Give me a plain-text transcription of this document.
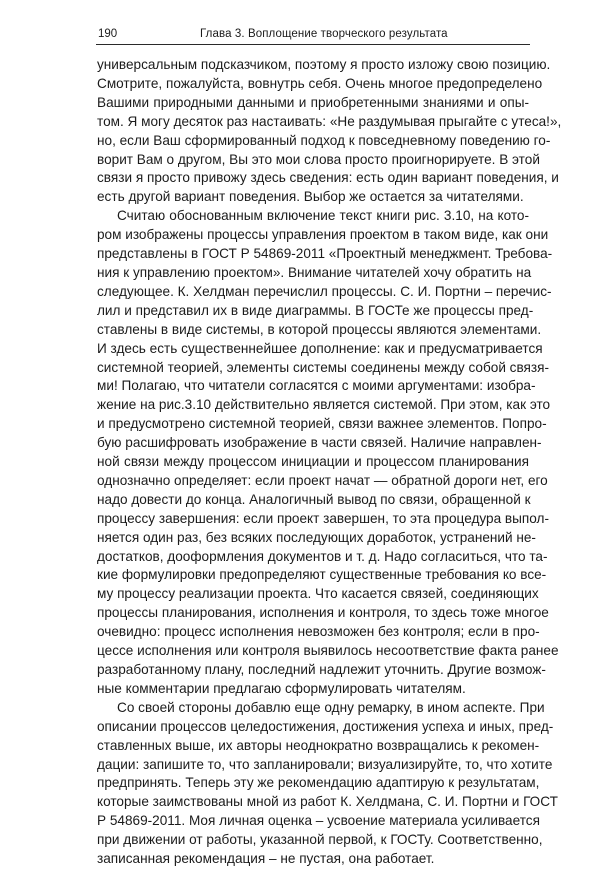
190	Глава 3. Воплощение творческого результата
универсальным подсказчиком, поэтому я просто изложу свою позицию.
Смотрите, пожалуйста, вовнутрь себя. Очень многое предопределено
Вашими природными данными и приобретенными знаниями и опы-
том. Я могу десяток раз настаивать: «Не раздумывая прыгайте с утеса!»,
но, если Ваш сформированный подход к повседневному поведению го-
ворит Вам о другом, Вы это мои слова просто проигнорируете. В этой
связи я просто привожу здесь сведения: есть один вариант поведения, и
есть другой вариант поведения. Выбор же остается за читателями.
Считаю обоснованным включение текст книги рис. 3.10, на кото-
ром изображены процессы управления проектом в таком виде, как они
представлены в ГОСТ Р 54869-2011 «Проектный менеджмент. Требова-
ния к управлению проектом». Внимание читателей хочу обратить на
следующее. К. Хелдман перечислил процессы. С. И. Портни – перечис-
лил и представил их в виде диаграммы. В ГОСТе же процессы пред-
ставлены в виде системы, в которой процессы являются элементами.
И здесь есть существеннейшее дополнение: как и предусматривается
системной теорией, элементы системы соединены между собой связя-
ми! Полагаю, что читатели согласятся с моими аргументами: изобра-
жение на рис.3.10 действительно является системой. При этом, как это
и предусмотрено системной теорией, связи важнее элементов. Попро-
бую расшифровать изображение в части связей. Наличие направлен-
ной связи между процессом инициации и процессом планирования
однозначно определяет: если проект начат — обратной дороги нет, его
надо довести до конца. Аналогичный вывод по связи, обращенной к
процессу завершения: если проект завершен, то эта процедура выпол-
няется один раз, без всяких последующих доработок, устранений не-
достатков, дооформления документов и т. д. Надо согласиться, что та-
кие формулировки предопределяют существенные требования ко все-
му процессу реализации проекта. Что касается связей, соединяющих
процессы планирования, исполнения и контроля, то здесь тоже многое
очевидно: процесс исполнения невозможен без контроля; если в про-
цессе исполнения или контроля выявилось несоответствие факта ранее
разработанному плану, последний надлежит уточнить. Другие возмож-
ные комментарии предлагаю сформулировать читателям.
Со своей стороны добавлю еще одну ремарку, в ином аспекте. При
описании процессов целедостижения, достижения успеха и иных, пред-
ставленных выше, их авторы неоднократно возвращались к рекомен-
дации: запишите то, что запланировали; визуализируйте, то, что хотите
предпринять. Теперь эту же рекомендацию адаптирую к результатам,
которые заимствованы мной из работ К. Хелдмана, С. И. Портни и ГОСТ
Р 54869-2011. Моя личная оценка – усвоение материала усиливается
при движении от работы, указанной первой, к ГОСТу. Соответственно,
записанная рекомендация – не пустая, она работает.
